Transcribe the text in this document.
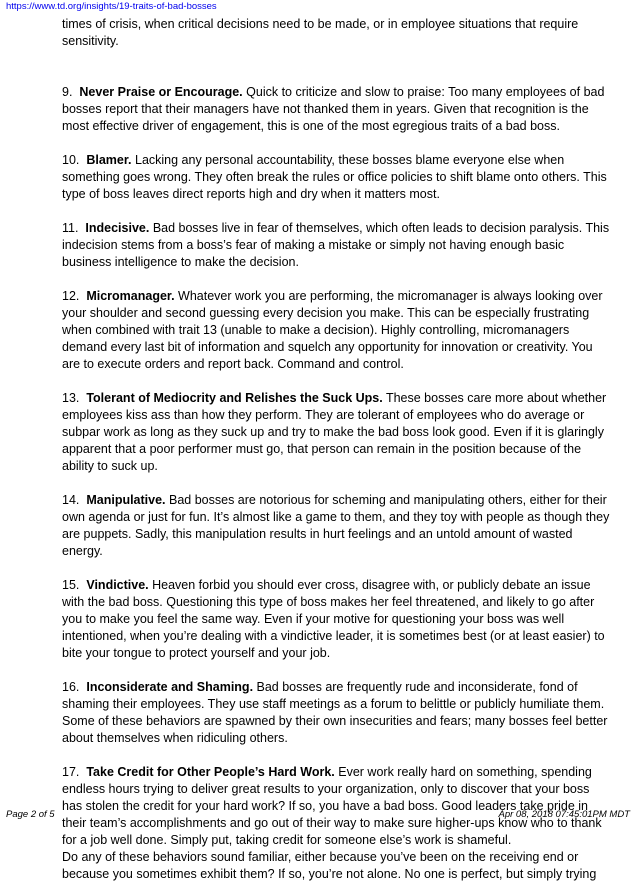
https://www.td.org/insights/19-traits-of-bad-bosses

times of crisis, when critical decisions need to be made, or in employee situations that require sensitivity.

9. Never Praise or Encourage. Quick to criticize and slow to praise: Too many employees of bad bosses report that their managers have not thanked them in years. Given that recognition is the most effective driver of engagement, this is one of the most egregious traits of a bad boss.

10. Blamer. Lacking any personal accountability, these bosses blame everyone else when something goes wrong. They often break the rules or office policies to shift blame onto others. This type of boss leaves direct reports high and dry when it matters most.

11. Indecisive. Bad bosses live in fear of themselves, which often leads to decision paralysis. This indecision stems from a boss’s fear of making a mistake or simply not having enough basic business intelligence to make the decision.

12. Micromanager. Whatever work you are performing, the micromanager is always looking over your shoulder and second guessing every decision you make. This can be especially frustrating when combined with trait 13 (unable to make a decision). Highly controlling, micromanagers demand every last bit of information and squelch any opportunity for innovation or creativity. You are to execute orders and report back. Command and control.

13. Tolerant of Mediocrity and Relishes the Suck Ups. These bosses care more about whether employees kiss ass than how they perform. They are tolerant of employees who do average or subpar work as long as they suck up and try to make the bad boss look good. Even if it is glaringly apparent that a poor performer must go, that person can remain in the position because of the ability to suck up.

14. Manipulative. Bad bosses are notorious for scheming and manipulating others, either for their own agenda or just for fun. It’s almost like a game to them, and they toy with people as though they are puppets. Sadly, this manipulation results in hurt feelings and an untold amount of wasted energy.

15. Vindictive. Heaven forbid you should ever cross, disagree with, or publicly debate an issue with the bad boss. Questioning this type of boss makes her feel threatened, and likely to go after you to make you feel the same way. Even if your motive for questioning your boss was well intentioned, when you’re dealing with a vindictive leader, it is sometimes best (or at least easier) to bite your tongue to protect yourself and your job.

16. Inconsiderate and Shaming. Bad bosses are frequently rude and inconsiderate, fond of shaming their employees. They use staff meetings as a forum to belittle or publicly humiliate them. Some of these behaviors are spawned by their own insecurities and fears; many bosses feel better about themselves when ridiculing others.

17. Take Credit for Other People’s Hard Work. Ever work really hard on something, spending endless hours trying to deliver great results to your organization, only to discover that your boss has stolen the credit for your hard work? If so, you have a bad boss. Good leaders take pride in their team’s accomplishments and go out of their way to make sure higher-ups know who to thank for a job well done. Simply put, taking credit for someone else’s work is shameful.

Do any of these behaviors sound familiar, either because you’ve been on the receiving end or because you sometimes exhibit them? If so, you’re not alone. No one is perfect, but simply trying

Page 2 of 5	Apr 08, 2018 07:45:01PM MDT
